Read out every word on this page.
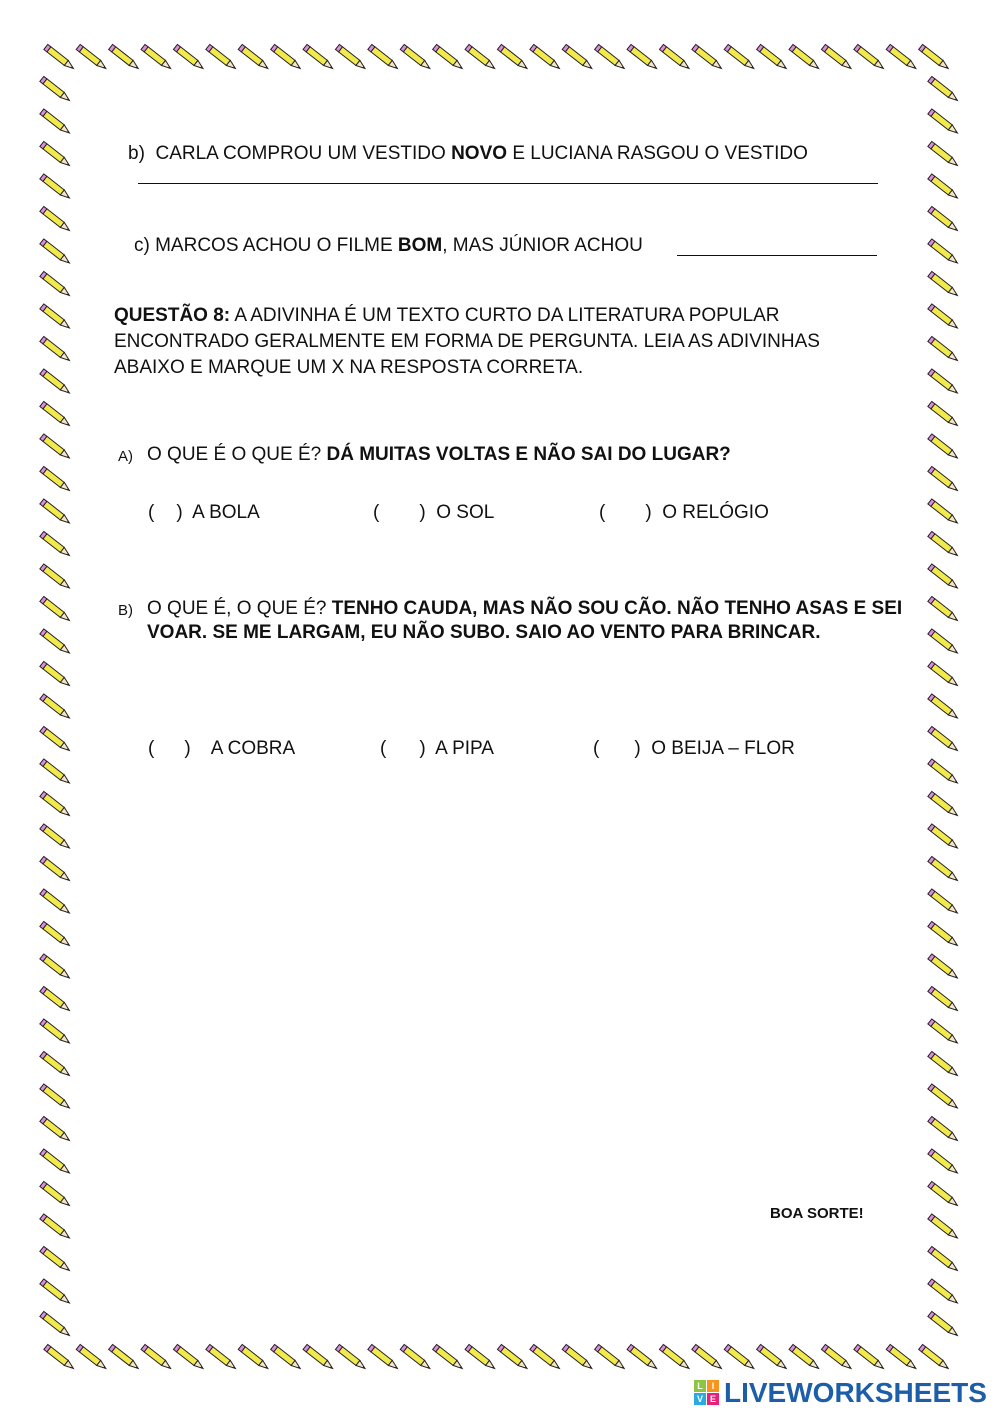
b) CARLA COMPROU UM VESTIDO NOVO E LUCIANA RASGOU O VESTIDO
c) MARCOS ACHOU O FILME BOM, MAS JÚNIOR ACHOU
QUESTÃO 8: A ADIVINHA É UM TEXTO CURTO DA LITERATURA POPULAR ENCONTRADO GERALMENTE EM FORMA DE PERGUNTA. LEIA AS ADIVINHAS ABAIXO E MARQUE UM X NA RESPOSTA CORRETA.
A) O QUE É O QUE É? DÁ MUITAS VOLTAS E NÃO SAI DO LUGAR?
( ) A BOLA	( ) O SOL	( ) O RELÓGIO
B) O QUE É, O QUE É? TENHO CAUDA, MAS NÃO SOU CÃO. NÃO TENHO ASAS E SEI VOAR. SE ME LARGAM, EU NÃO SUBO. SAIO AO VENTO PARA BRINCAR.
( ) A COBRA	( ) A PIPA	( ) O BEIJA – FLOR
BOA SORTE!
L I
V E LIVEWORKSHEETS
